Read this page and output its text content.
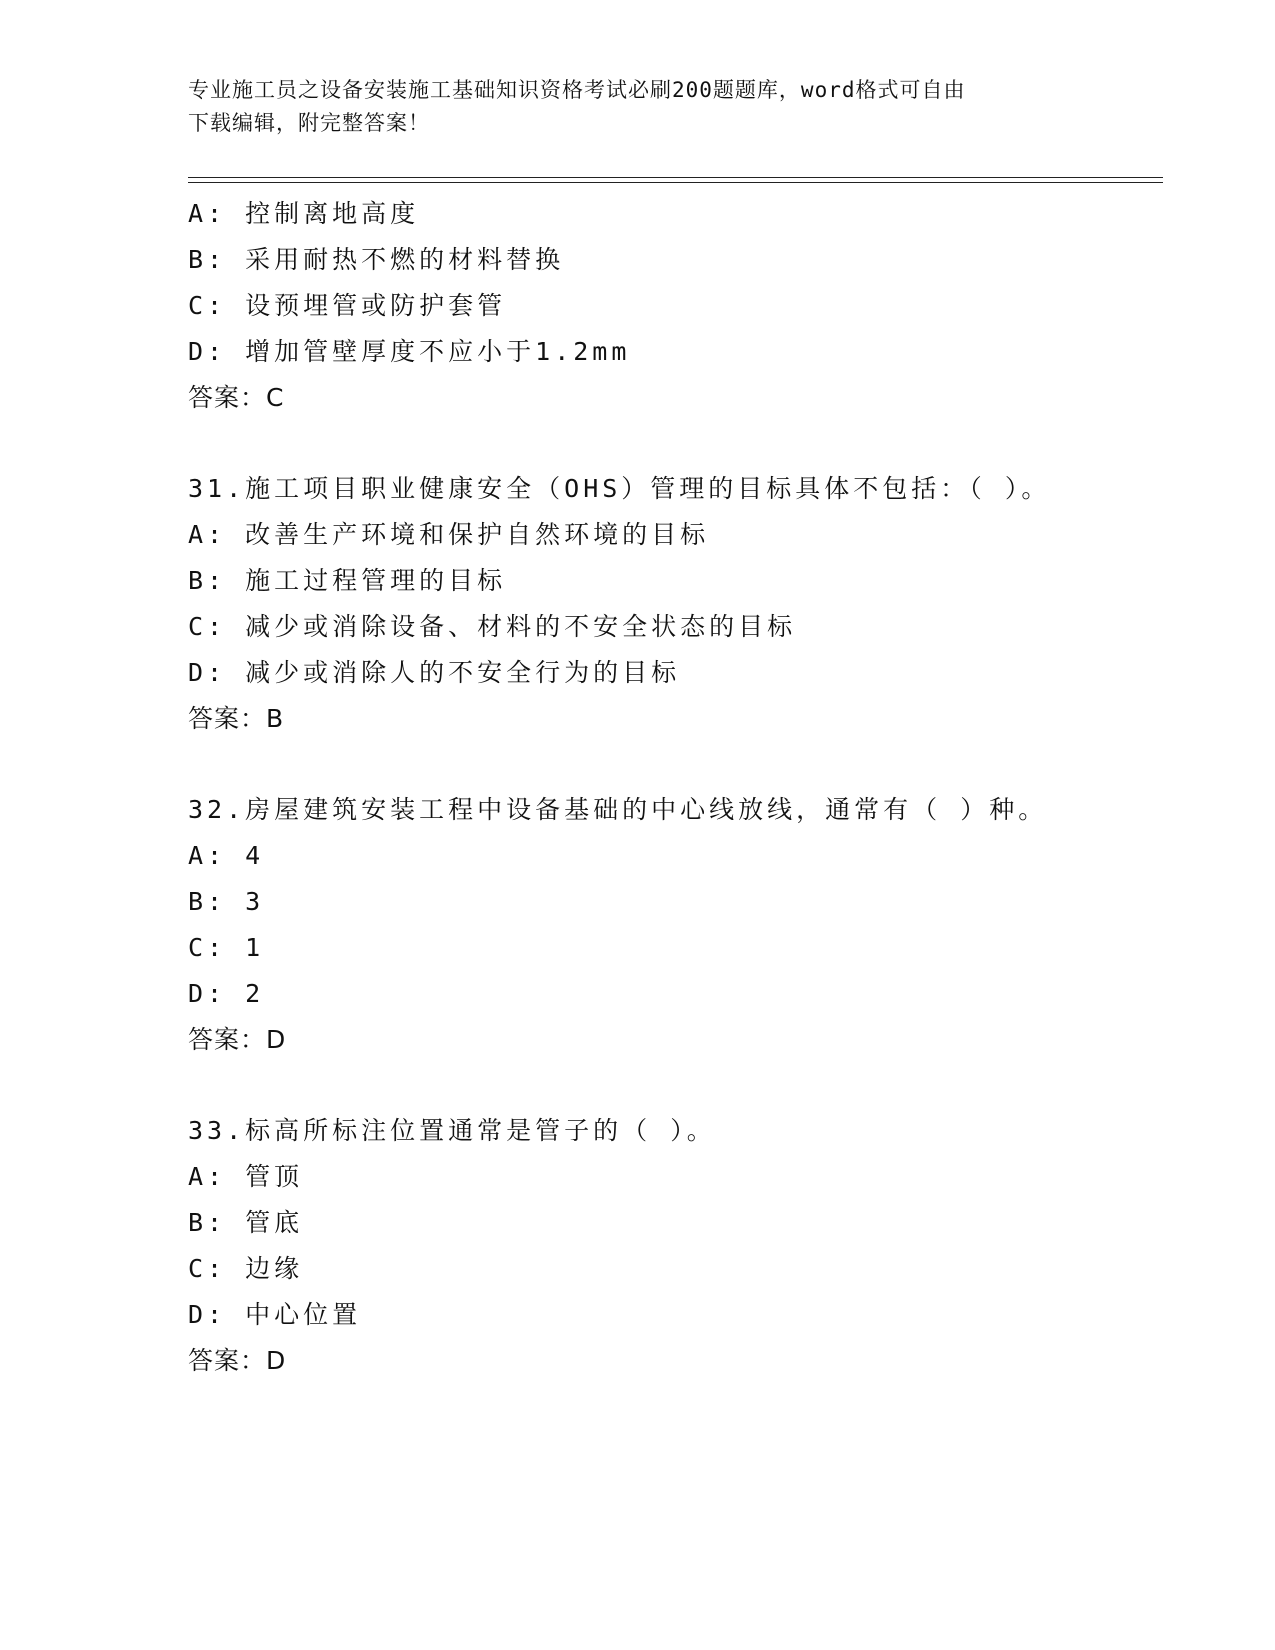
专业施工员之设备安装施工基础知识资格考试必刷200题题库，word格式可自由
下载编辑，附完整答案！
A: 控制离地高度
B: 采用耐热不燃的材料替换
C: 设预埋管或防护套管
D: 增加管壁厚度不应小于1.2mm
答案：C
31.施工项目职业健康安全（OHS）管理的目标具体不包括：（ ）。
A: 改善生产环境和保护自然环境的目标
B: 施工过程管理的目标
C: 减少或消除设备、材料的不安全状态的目标
D: 减少或消除人的不安全行为的目标
答案：B
32.房屋建筑安装工程中设备基础的中心线放线，通常有（ ）种。
A: 4
B: 3
C: 1
D: 2
答案：D
33.标高所标注位置通常是管子的（ ）。
A: 管顶
B: 管底
C: 边缘
D: 中心位置
答案：D
